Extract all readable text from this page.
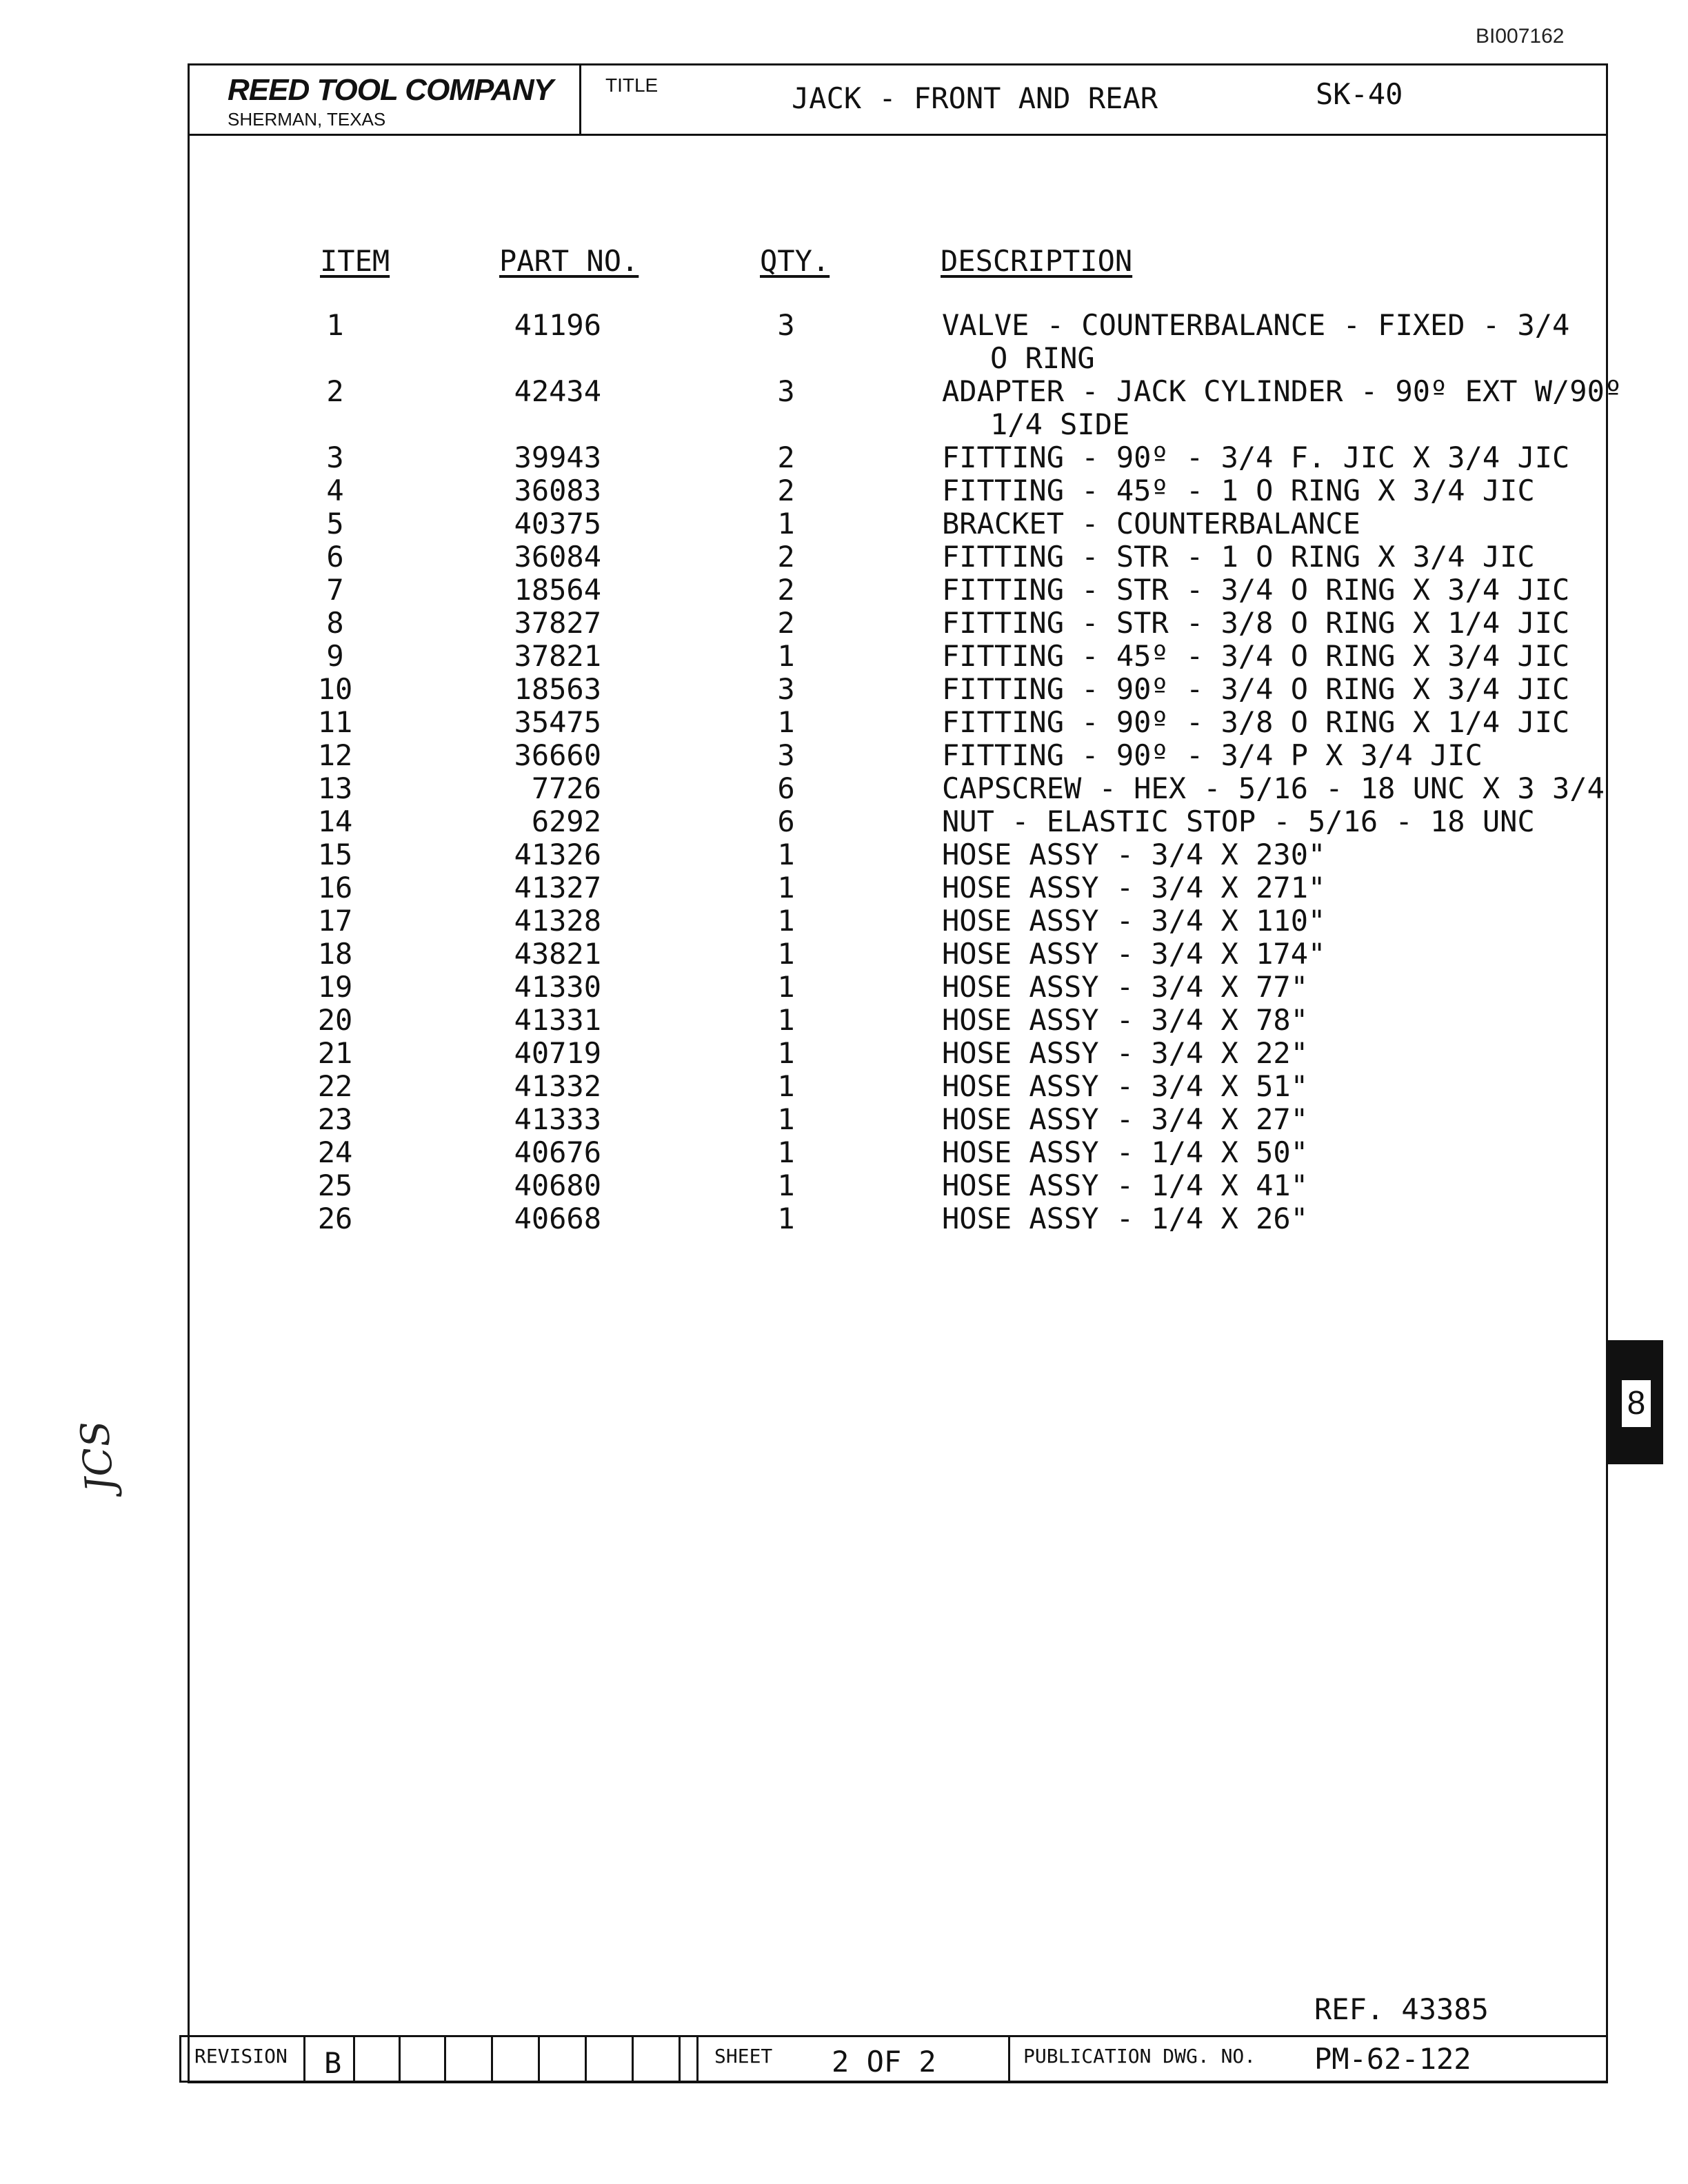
BI007162
REED TOOL COMPANY
SHERMAN, TEXAS
TITLE	JACK - FRONT AND REAR	SK-40
ITEM	PART NO.	QTY.	DESCRIPTION
1	41196	3	VALVE - COUNTERBALANCE - FIXED - 3/4
O RING
2	42434	3	ADAPTER - JACK CYLINDER - 90º EXT W/90º
1/4 SIDE
3	39943	2	FITTING - 90º - 3/4 F. JIC X 3/4 JIC
4	36083	2	FITTING - 45º - 1 O RING X 3/4 JIC
5	40375	1	BRACKET - COUNTERBALANCE
6	36084	2	FITTING - STR - 1 O RING X 3/4 JIC
7	18564	2	FITTING - STR - 3/4 O RING X 3/4 JIC
8	37827	2	FITTING - STR - 3/8 O RING X 1/4 JIC
9	37821	1	FITTING - 45º - 3/4 O RING X 3/4 JIC
10	18563	3	FITTING - 90º - 3/4 O RING X 3/4 JIC
11	35475	1	FITTING - 90º - 3/8 O RING X 1/4 JIC
12	36660	3	FITTING - 90º - 3/4 P X 3/4 JIC
13	7726	6	CAPSCREW - HEX - 5/16 - 18 UNC X 3 3/4
14	6292	6	NUT - ELASTIC STOP - 5/16 - 18 UNC
15	41326	1	HOSE ASSY - 3/4 X 230"
16	41327	1	HOSE ASSY - 3/4 X 271"
17	41328	1	HOSE ASSY - 3/4 X 110"
18	43821	1	HOSE ASSY - 3/4 X 174"
19	41330	1	HOSE ASSY - 3/4 X 77"
20	41331	1	HOSE ASSY - 3/4 X 78"
21	40719	1	HOSE ASSY - 3/4 X 22"
22	41332	1	HOSE ASSY - 3/4 X 51"
23	41333	1	HOSE ASSY - 3/4 X 27"
24	40676	1	HOSE ASSY - 1/4 X 50"
25	40680	1	HOSE ASSY - 1/4 X 41"
26	40668	1	HOSE ASSY - 1/4 X 26"
8
JCS
REF. 43385
REVISION B	SHEET 2 OF 2	PUBLICATION DWG. NO. PM-62-122
